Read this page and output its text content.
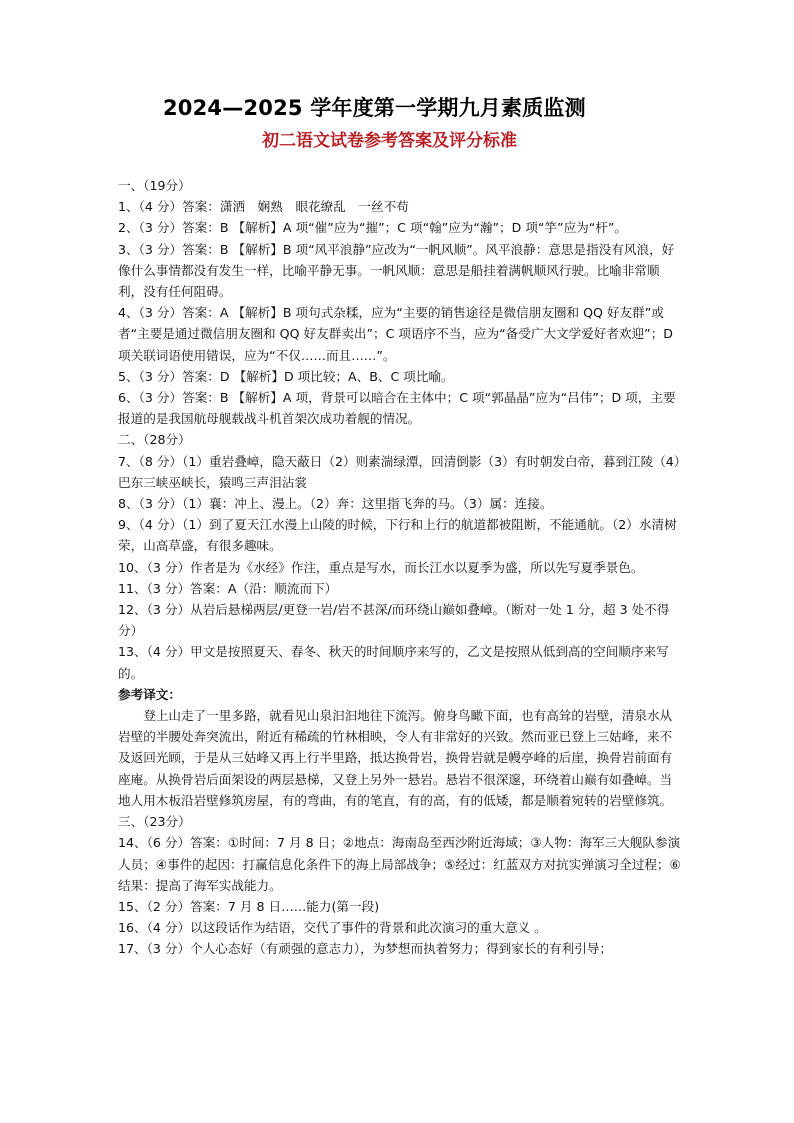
2024—2025 学年度第一学期九月素质监测
初二语文试卷参考答案及评分标准

一、（19分）

1、（4 分）答案：潇洒　娴熟　眼花缭乱　一丝不苟

2、（3 分）答案：B 【解析】A 项“催”应为“摧”；C 项“翰”应为“瀚”；D 项“竽”应为“杆”。

3、（3 分）答案：B 【解析】B 项“风平浪静”应改为“一帆风顺”。风平浪静：意思是指没有风浪，好像什么事情都没有发生一样，比喻平静无事。一帆风顺：意思是船挂着满帆顺风行驶。比喻非常顺利，没有任何阻碍。

4、（3 分）答案：A 【解析】B 项句式杂糅，应为“主要的销售途径是微信朋友圈和 QQ 好友群”或者“主要是通过微信朋友圈和 QQ 好友群卖出”；C 项语序不当，应为“备受广大文学爱好者欢迎”；D 项关联词语使用错误，应为“不仅……而且……”。

5、（3 分）答案：D 【解析】D 项比较；A、B、C 项比喻。

6、（3 分）答案：B 【解析】A 项，背景可以暗合在主体中；C 项“郭晶晶”应为“吕伟”；D 项，主要报道的是我国航母舰载战斗机首架次成功着舰的情况。

二、（28分）

7、（8 分）（1）重岩叠嶂，隐天蔽日（2）则素湍绿潭，回清倒影（3）有时朝发白帝，暮到江陵（4）巴东三峡巫峡长，猿鸣三声泪沾裳

8、（3 分）（1）襄：冲上、漫上。（2）奔：这里指飞奔的马。（3）属：连接。

9、（4 分）（1）到了夏天江水漫上山陵的时候，下行和上行的航道都被阻断，不能通航。（2）水清树荣，山高草盛，有很多趣味。

10、（3 分）作者是为《水经》作注，重点是写水，而长江水以夏季为盛，所以先写夏季景色。

11、（3 分）答案：A（沿：顺流而下）

12、（3 分）从岩后悬梯两层/更登一岩/岩不甚深/而环绕山巅如叠嶂。（断对一处 1 分，超 3 处不得分）

13、（4 分）甲文是按照夏天、春冬、秋天的时间顺序来写的，乙文是按照从低到高的空间顺序来写的。

参考译文：

登上山走了一里多路，就看见山泉汩汩地往下流泻。俯身鸟瞰下面，也有高耸的岩壁，清泉水从岩壁的半腰处奔突流出，附近有稀疏的竹林相映，令人有非常好的兴致。然而亚已登上三姑峰，来不及返回光顾，于是从三姑峰又再上行半里路，抵达换骨岩，换骨岩就是幔亭峰的后崖，换骨岩前面有座庵。从换骨岩后面架设的两层悬梯，又登上另外一悬岩。悬岩不很深邃，环绕着山巅有如叠嶂。当地人用木板沿岩壁修筑房屋，有的弯曲，有的笔直，有的高，有的低矮，都是顺着宛转的岩壁修筑。

三、（23分）

14、（6 分）答案：①时间：7 月 8 日；②地点：海南岛至西沙附近海域；③人物：海军三大舰队参演人员；④事件的起因：打赢信息化条件下的海上局部战争；⑤经过：红蓝双方对抗实弹演习全过程；⑥结果：提高了海军实战能力。

15、（2 分）答案：7 月 8 日……能力(第一段)

16、（4 分）以这段话作为结语，交代了事件的背景和此次演习的重大意义 。

17、（3 分）个人心态好（有顽强的意志力），为梦想而执着努力；得到家长的有利引导；
